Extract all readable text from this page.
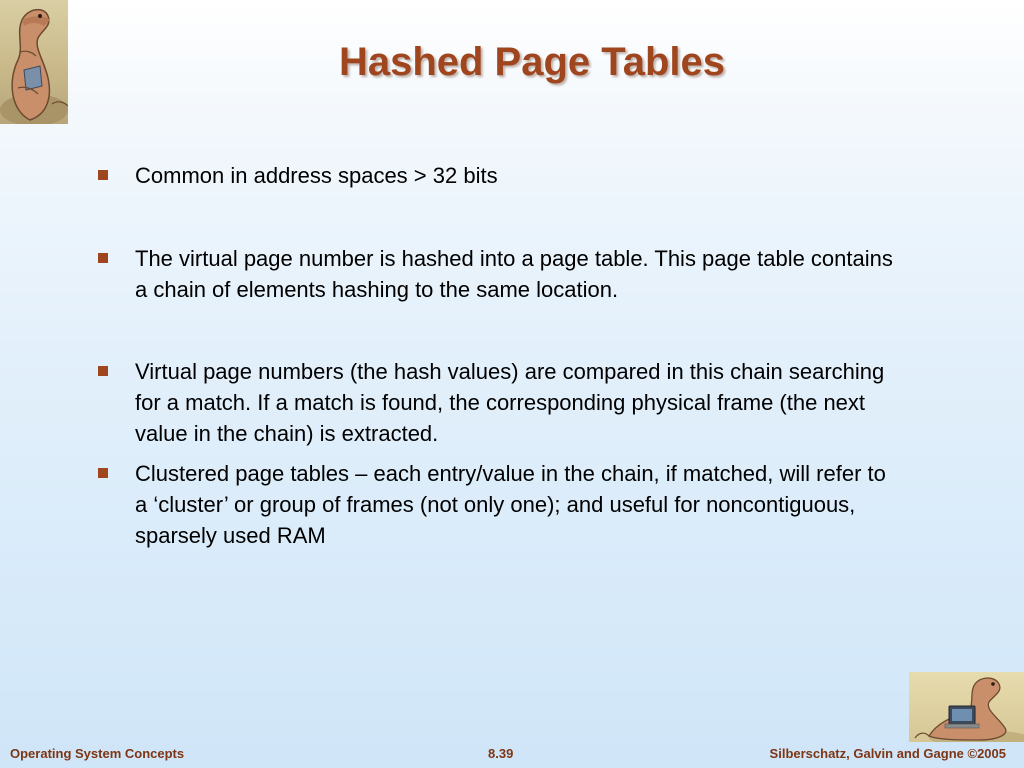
Hashed Page Tables
Common in address spaces > 32 bits
The virtual page number is hashed into a page table. This page table contains a chain of elements hashing to the same location.
Virtual page numbers (the hash values) are compared in this chain searching for a match. If a match is found, the corresponding physical frame (the next value in the chain) is extracted.
Clustered page tables – each entry/value in the chain, if matched, will refer to a ‘cluster’ or group of frames (not only one); and useful for noncontiguous, sparsely used RAM
Operating System Concepts	8.39	Silberschatz, Galvin and Gagne ©2005
